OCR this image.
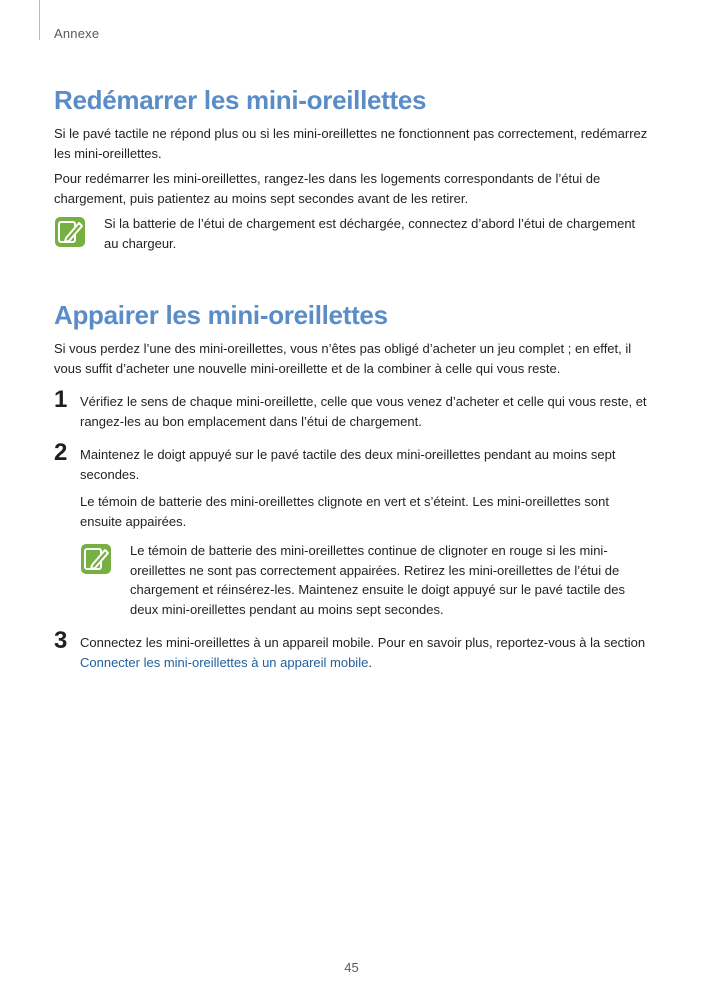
Annexe
Redémarrer les mini-oreillettes

Si le pavé tactile ne répond plus ou si les mini-oreillettes ne fonctionnent pas correctement, redémarrez les mini-oreillettes.

Pour redémarrer les mini-oreillettes, rangez-les dans les logements correspondants de l’étui de chargement, puis patientez au moins sept secondes avant de les retirer.

Si la batterie de l’étui de chargement est déchargée, connectez d’abord l’étui de chargement au chargeur.

Appairer les mini-oreillettes

Si vous perdez l’une des mini-oreillettes, vous n’êtes pas obligé d’acheter un jeu complet ; en effet, il vous suffit d’acheter une nouvelle mini-oreillette et de la combiner à celle qui vous reste.

1 Vérifiez le sens de chaque mini-oreillette, celle que vous venez d’acheter et celle qui vous reste, et rangez-les au bon emplacement dans l’étui de chargement.

2 Maintenez le doigt appuyé sur le pavé tactile des deux mini-oreillettes pendant au moins sept secondes.

Le témoin de batterie des mini-oreillettes clignote en vert et s’éteint. Les mini-oreillettes sont ensuite appairées.

Le témoin de batterie des mini-oreillettes continue de clignoter en rouge si les mini-oreillettes ne sont pas correctement appairées. Retirez les mini-oreillettes de l’étui de chargement et réinsérez-les. Maintenez ensuite le doigt appuyé sur le pavé tactile des deux mini-oreillettes pendant au moins sept secondes.

3 Connectez les mini-oreillettes à un appareil mobile. Pour en savoir plus, reportez-vous à la section Connecter les mini-oreillettes à un appareil mobile.

45
